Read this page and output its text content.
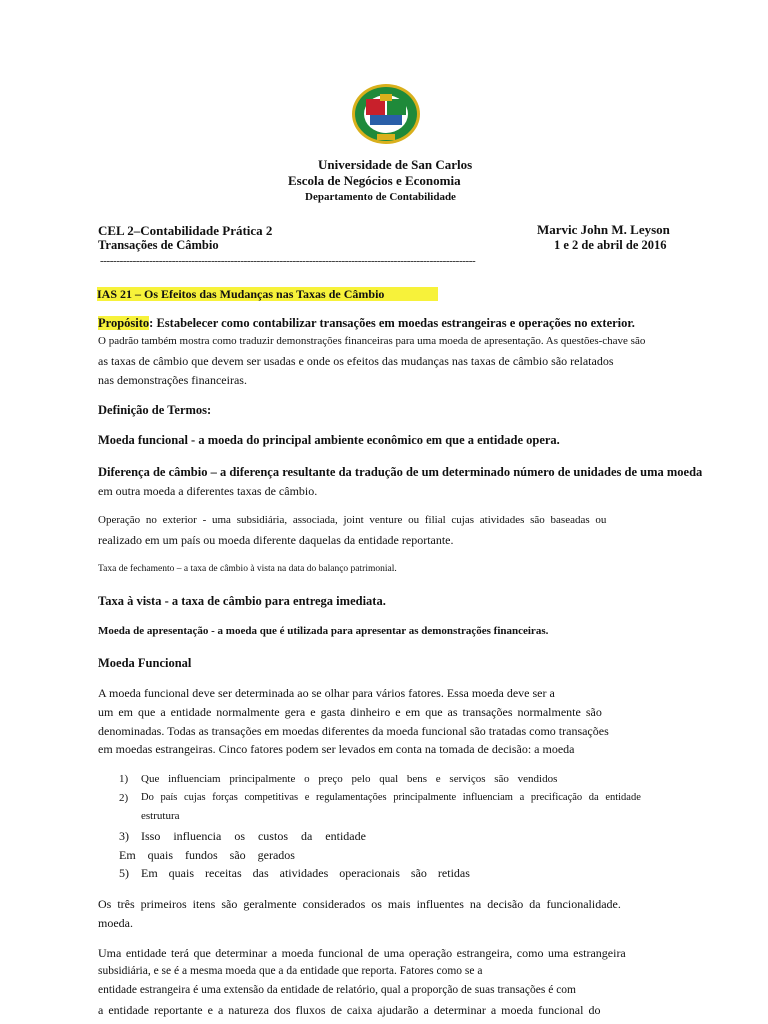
Universidade de San Carlos
Escola de Negócios e Economia
Departamento de Contabilidade
CEL 2–Contabilidade Prática 2
Transações de Câmbio
Marvic John M. Leyson
1 e 2 de abril de 2016
-------------------------------------------------------------------------------------------------------------------
IAS 21 – Os Efeitos das Mudanças nas Taxas de Câmbio
Propósito: Estabelecer como contabilizar transações em moedas estrangeiras e operações no exterior.
O padrão também mostra como traduzir demonstrações financeiras para uma moeda de apresentação. As questões-chave são
as taxas de câmbio que devem ser usadas e onde os efeitos das mudanças nas taxas de câmbio são relatados
nas demonstrações financeiras.
Definição de Termos:
Moeda funcional - a moeda do principal ambiente econômico em que a entidade opera.
Diferença de câmbio – a diferença resultante da tradução de um determinado número de unidades de uma moeda
em outra moeda a diferentes taxas de câmbio.
Operação no exterior - uma subsidiária, associada, joint venture ou filial cujas atividades são baseadas ou
realizado em um país ou moeda diferente daquelas da entidade reportante.
Taxa de fechamento – a taxa de câmbio à vista na data do balanço patrimonial.
Taxa à vista - a taxa de câmbio para entrega imediata.
Moeda de apresentação - a moeda que é utilizada para apresentar as demonstrações financeiras.
Moeda Funcional
A moeda funcional deve ser determinada ao se olhar para vários fatores. Essa moeda deve ser a
um em que a entidade normalmente gera e gasta dinheiro e em que as transações normalmente são
denominadas. Todas as transações em moedas diferentes da moeda funcional são tratadas como transações
em moedas estrangeiras. Cinco fatores podem ser levados em conta na tomada de decisão: a moeda
1) Que influenciam principalmente o preço pelo qual bens e serviços são vendidos
2) Do país cujas forças competitivas e regulamentações principalmente influenciam a precificação da entidade
estrutura
3) Isso influencia os custos da entidade
Em quais fundos são gerados
5) Em quais receitas das atividades operacionais são retidas
Os três primeiros itens são geralmente considerados os mais influentes na decisão da funcionalidade.
moeda.
Uma entidade terá que determinar a moeda funcional de uma operação estrangeira, como uma estrangeira
subsidiária, e se é a mesma moeda que a da entidade que reporta. Fatores como se a
entidade estrangeira é uma extensão da entidade de relatório, qual a proporção de suas transações é com
a entidade reportante e a natureza dos fluxos de caixa ajudarão a determinar a moeda funcional do
